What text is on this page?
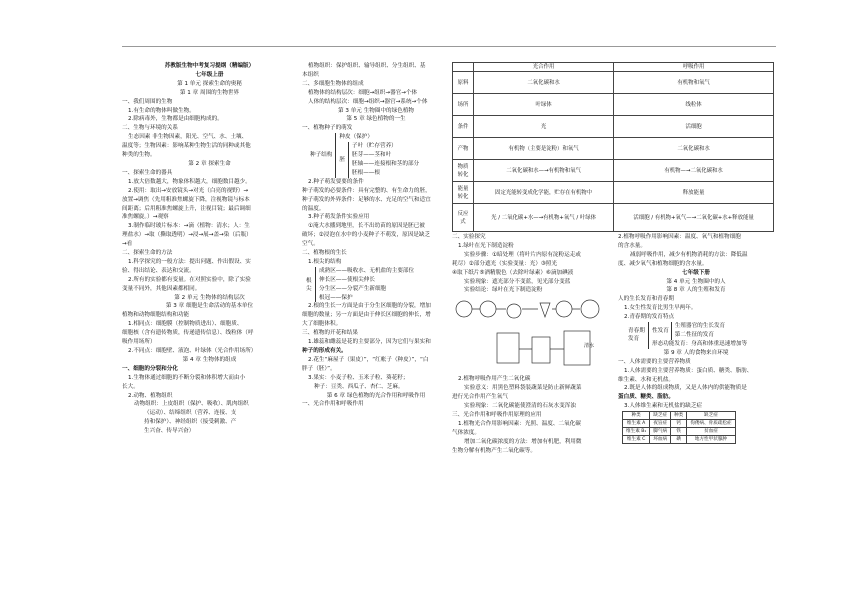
苏教版生物中考复习提纲（精编版）

七年级上册

第 1 单元 探索生命的奥秘

第 1 章 周围的生物世界

一、我们周围的生物

1.有生命的物体叫做生物。

2.除病毒外，生物都是由细胞构成的。

二、生物与环境的关系

生态因素 非生物因素，阳光、空气、水、土壤、

温度等；生物因素：影响某种生物生活的同种或其他

种类的生物。

第 2 章 探索生命

一、探索生命的器具

1.放大倍数越大，物象体积越大，细胞数目越少。

2.使用：取出→安放镜头→对光（白亮的视野）→

放置→调焦（先用粗准焦螺旋下降，注视物镜与标本

间距离；后用粗准焦螺旋上升，注视目镜；最后调细

准焦螺旋。）→观察

3.制作临时玻片标本：→滴（植物：清水；人：生

理盐水）→取（撕取透明）→浸→展→盖→染（后瓶）

→看

二、探索生命的方法

1.科学探究的一般方法：提出问题、作出假设、实

验、得出结论、表达和交流。

2.所有的实验都有变量。在对照实验中，除了实验

变量不同外，其他因素都相同。

第 2 单元 生物体的结构层次

第 3 章 细胞是生命活动的基本单位

植物和动物细胞结构和功能

1.相同点：细胞膜（控制物质进出）、细胞质、

细胞核（含有遗传物质，传递遗传信息）、线粒体（呼

吸作用场所）

2.不同点：细胞壁、液泡、叶绿体（光合作用场所）

第 4 章 生物体的组成

一、细胞的分裂和分化

1.生物体通过细胞的不断分裂和体积增大而由小

长大。

2.动物、植物组织

动物组织：上皮组织（保护、吸收）、肌肉组织

（运动）、结缔组织（营养、连接、支

持和保护）、神经组织（接受刺激、产

生兴奋、传导兴奋）

植物组织：保护组织、输导组织、分生组织、基

本组织

二、多细胞生物体的组成

植物体的结构层次：细胞→组织→器官→个体

人体的结构层次：细胞→组织→器官→系统→个体

第 3 单元 生物圈中的绿色植物

第 5 章 绿色植物的一生

一、植物种子的萌发

种子结构

种皮（保护）

胚

子叶（贮存营养）

胚芽——茎和叶

胚轴——连接根和茎的部分

胚根——根

2.种子萌发要要的条件

种子萌发的必要条件：具有完整的、有生命力的胚，

种子萌发的外界条件：足够的水、充足的空气和适宜

的温度。

3.种子萌发条件实验应用

①淹大水播到地里，长不出幼苗的原因是胚已被

破坏；②浸泡在水中的小麦种子不萌发，原因是缺乏

空气。

二、植物根的生长

1.根尖的结构

根尖

成熟区——吸收水、无机盐的主要部位

伸长区——使根尖伸长

分生区——分裂产生新细胞

根冠——保护

2.根的生长一方面是由于分生区细胞的分裂，增加

细胞的数量；另一方面是由于伸长区细胞的伸长，增

大了细胞体积。

三、植物的开花和结果

1.雄蕊和雌蕊是花的主要部分，因为它们与果实和

种子的形成有关。

2.花生“麻屋子（果皮）”，“红帐子（种皮）”，“白

胖子（胚）”。

3.果实：小麦子粒、玉米子粒、葵花籽；

种子：豆类、西瓜子、杏仁、芝麻。

第 6 章 绿色植物的光合作用和呼吸作用

一、光合作用和呼吸作用

	光合作用	呼吸作用
原料	二氧化碳和水	有机物和氧气
场所	叶绿体	线粒体
条件	光	活细胞
产物	有机物（主要是淀粉）和氧气	二氧化碳和水
物质转化	二氧化碳和水—→有机物和氧气	有机物—→二氧化碳和水
能量转化	固定光能转变成化学能，贮存在有机物中	释放能量
反应式	光 / 二氧化碳+水—→有机物+氧气 / 叶绿体	活细胞 / 有机物+氧气—→二氧化碳+水+释放能量

二、实验探究

1.绿叶在光下制造淀粉

实验步骤：①暗处理（将叶片内原有淀粉运走或

耗尽）②部分遮光（实验变量：光）③照光

④取下纸片⑤酒精脱色（去除叶绿素）⑥滴加碘液

实验现象：遮光部分不变蓝，见光部分变蓝

实验结论：绿叶在光下制造淀粉

清水

2.植物呼吸作用产生二氧化碳

实验意义：用黑色塑料袋装蔬菜是防止新鲜蔬菜

进行光合作用产生氧气

实验现象：二氧化碳能使澄清的石灰水变浑浊

三、光合作用和呼吸作用原理的应用

1.植物光合作用影响因素：光照、温度、二氧化碳

气体浓度。

增加二氧化碳浓度的方法：增加有机肥，利用微

生物分解有机物产生二氧化碳等。

2.植物呼吸作用影响因素：温度、氧气和植物细胞

的含水量。

减弱呼吸作用，减少有机物消耗的方法：降低温

度、减少氧气和植物细胞的含水量。

七年级下册

第 4 单元 生物圈中的人

第 8 章 人的生殖和发育

人的生长发育和青春期

1.女生性发育比男生早两年。

2.青春期的发育特点

青春期发育

性发育

生殖器官的生长发育

第二性征的发育

形态功能发育：身高和体重迅速增加等

第 9 章 人的食物来自环境

一、人体需要的主要营养物质

1.人体需要的主要营养物质：蛋白质、糖类、脂肪、

维生素、水和无机盐。

2.既是人体的组成物质，又是人体内的供能物质是

蛋白质、糖类、脂肪。

3.人体维生素和无机盐的缺乏症

种类	缺乏症	种类	缺乏症
维生素 A	夜盲症	钙	佝偻病、骨质疏松症
维生素 B₁	脚气病	铁	贫血症
维生素 C	坏血病	碘	地方性甲状腺肿
